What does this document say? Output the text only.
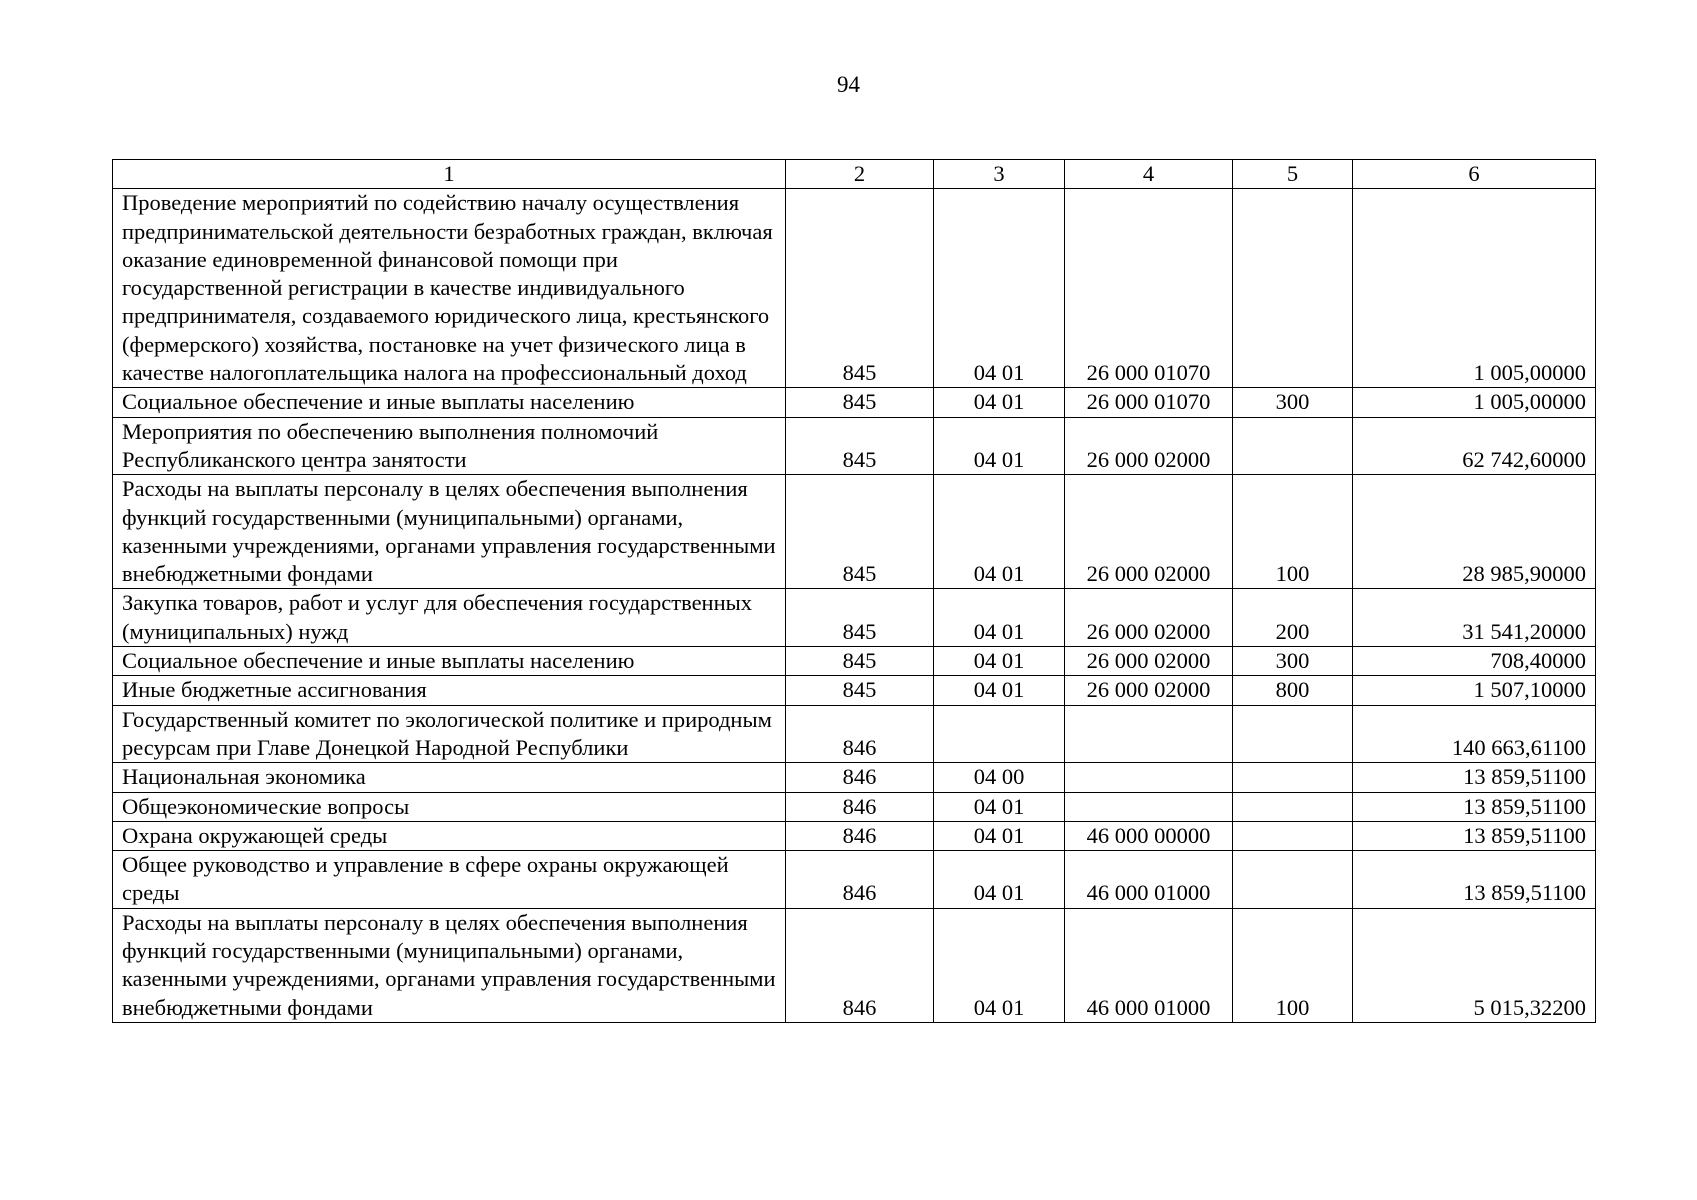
94
1	2	3	4	5	6
Проведение мероприятий по содействию началу осуществления предпринимательской деятельности безработных граждан, включая оказание единовременной финансовой помощи при государственной регистрации в качестве индивидуального предпринимателя, создаваемого юридического лица, крестьянского (фермерского) хозяйства, постановке на учет физического лица в качестве налогоплательщика налога на профессиональный доход	845	04 01	26 000 01070		1 005,00000
Социальное обеспечение и иные выплаты населению	845	04 01	26 000 01070	300	1 005,00000
Мероприятия по обеспечению выполнения полномочий Республиканского центра занятости	845	04 01	26 000 02000		62 742,60000
Расходы на выплаты персоналу в целях обеспечения выполнения функций государственными (муниципальными) органами, казенными учреждениями, органами управления государственными внебюджетными фондами	845	04 01	26 000 02000	100	28 985,90000
Закупка товаров, работ и услуг для обеспечения государственных (муниципальных) нужд	845	04 01	26 000 02000	200	31 541,20000
Социальное обеспечение и иные выплаты населению	845	04 01	26 000 02000	300	708,40000
Иные бюджетные ассигнования	845	04 01	26 000 02000	800	1 507,10000
Государственный комитет по экологической политике и природным ресурсам при Главе Донецкой Народной Республики	846				140 663,61100
Национальная экономика	846	04 00			13 859,51100
Общеэкономические вопросы	846	04 01			13 859,51100
Охрана окружающей среды	846	04 01	46 000 00000		13 859,51100
Общее руководство и управление в сфере охраны окружающей среды	846	04 01	46 000 01000		13 859,51100
Расходы на выплаты персоналу в целях обеспечения выполнения функций государственными (муниципальными) органами, казенными учреждениями, органами управления государственными внебюджетными фондами	846	04 01	46 000 01000	100	5 015,32200
